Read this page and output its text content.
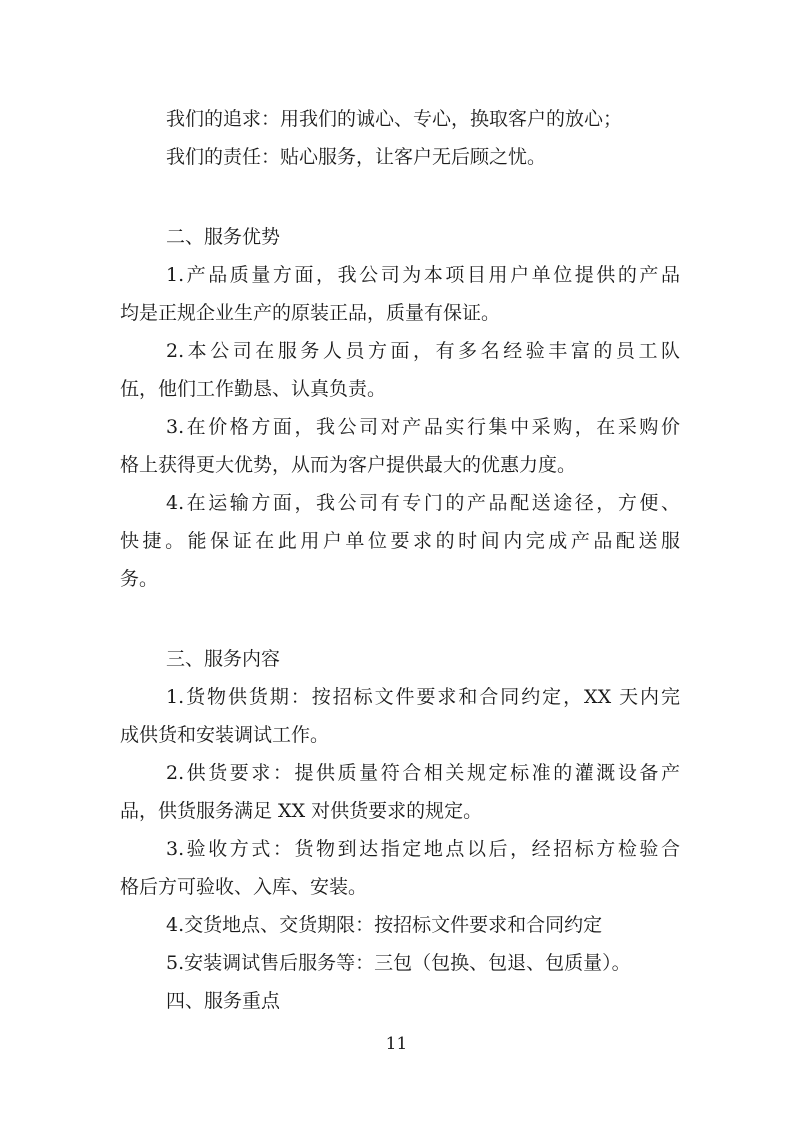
我们的追求：用我们的诚心、专心，换取客户的放心；
我们的责任：贴心服务，让客户无后顾之忧。
二、服务优势
1.产品质量方面，我公司为本项目用户单位提供的产品
均是正规企业生产的原装正品，质量有保证。
2.本公司在服务人员方面，有多名经验丰富的员工队
伍，他们工作勤恳、认真负责。
3.在价格方面，我公司对产品实行集中采购，在采购价
格上获得更大优势，从而为客户提供最大的优惠力度。
4.在运输方面，我公司有专门的产品配送途径，方便、
快捷。能保证在此用户单位要求的时间内完成产品配送服
务。
三、服务内容
1.货物供货期：按招标文件要求和合同约定，XX 天内完
成供货和安装调试工作。
2.供货要求：提供质量符合相关规定标准的灌溉设备产
品，供货服务满足 XX 对供货要求的规定。
3.验收方式：货物到达指定地点以后，经招标方检验合
格后方可验收、入库、安装。
4.交货地点、交货期限：按招标文件要求和合同约定
5.安装调试售后服务等：三包（包换、包退、包质量）。
四、服务重点
11
